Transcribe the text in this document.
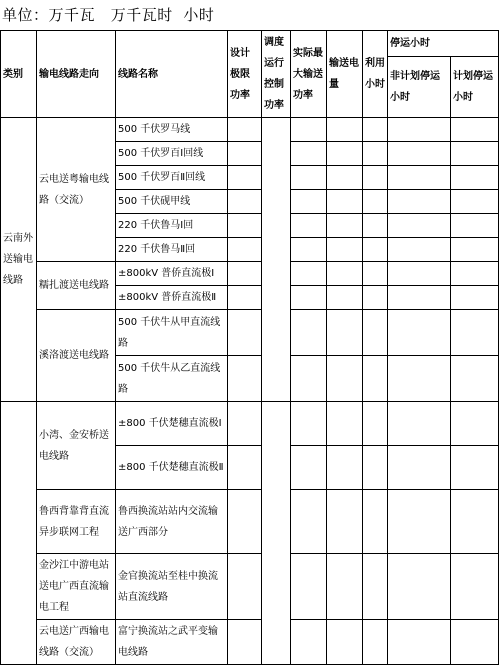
单位：万千瓦   万千瓦时  小时
类别	输电线路走向	线路名称	设计极限功率	调度运行控制功率	实际最大输送功率	输送电量	利用小时	停运小时	
								非计划停运小时	计划停运小时
云南外送输电线路	云电送粤输电线路（交流）	500 千伏罗马线							
		500 千伏罗百Ⅰ回线							
		500 千伏罗百Ⅱ回线							
		500 千伏砚甲线							
		220 千伏鲁马Ⅰ回							
		220 千伏鲁马Ⅱ回							
	糯扎渡送电线路	±800kV 普侨直流极Ⅰ							
		±800kV 普侨直流极Ⅱ							
	溪洛渡送电线路	500 千伏牛从甲直流线路							
		500 千伏牛从乙直流线路							
	小湾、金安桥送电线路	±800 千伏楚穗直流极Ⅰ							
		±800 千伏楚穗直流极Ⅱ							
	鲁西背靠背直流异步联网工程	鲁西换流站站内交流输送广西部分							
	金沙江中游电站送电广西直流输电工程	金官换流站至桂中换流站直流线路							
	云电送广西输电线路（交流）	富宁换流站之武平变输电线路							
